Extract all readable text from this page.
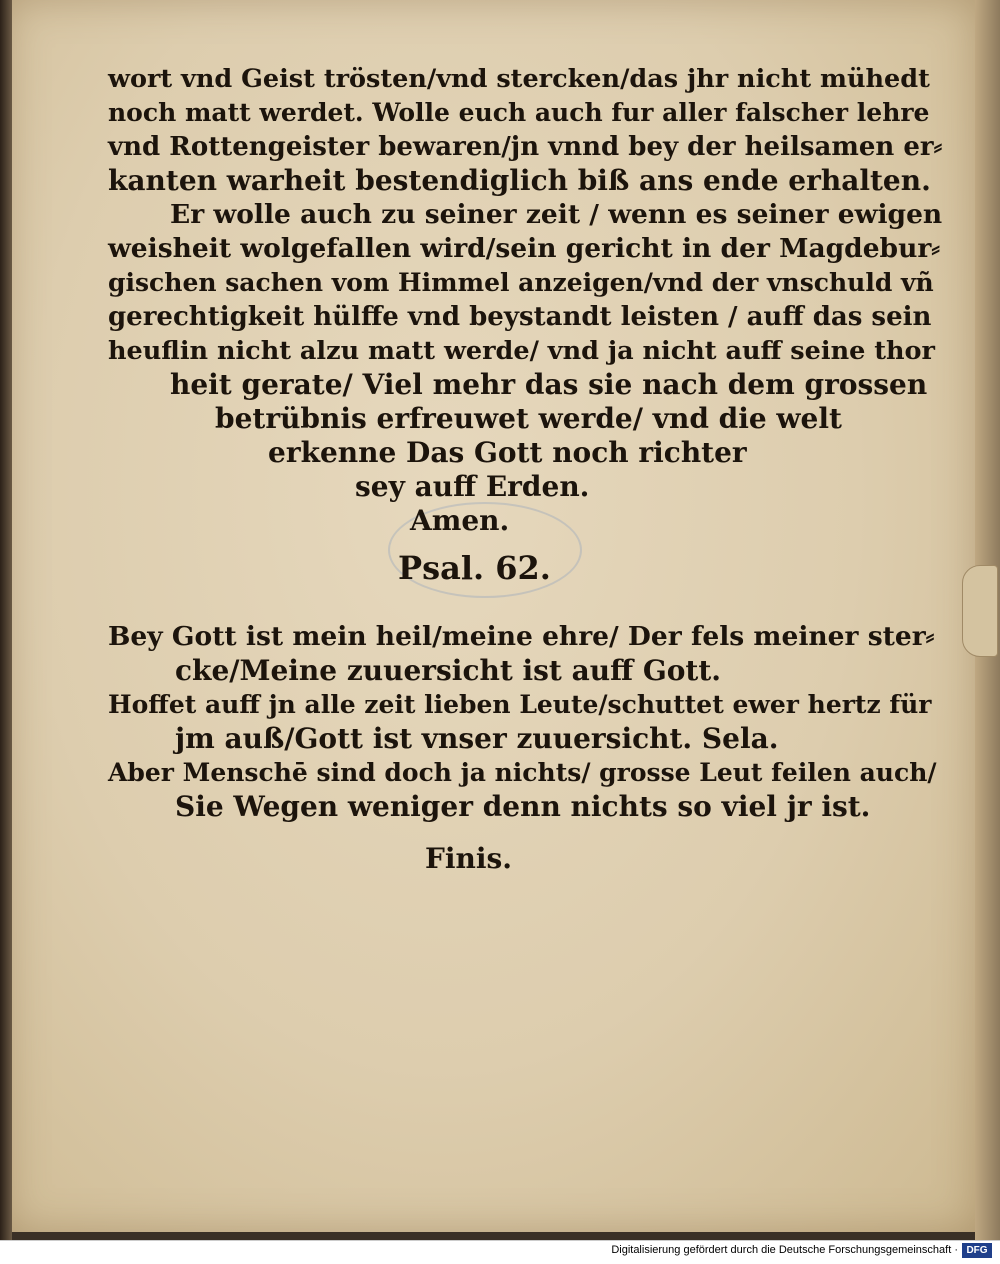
wort vnd Geist trösten/vnd stercken/das jhr nicht mühedt
noch matt werdet. Wolle euch auch fur aller falscher lehre
vnd Rottengeister bewaren/jn vnnd bey der heilsamen er⸗
kanten warheit bestendiglich biß ans ende erhalten.
Er wolle auch zu seiner zeit / wenn es seiner ewigen
weisheit wolgefallen wird/sein gericht in der Magdebur⸗
gischen sachen vom Himmel anzeigen/vnd der vnschuld vñ
gerechtigkeit hülffe vnd beystandt leisten / auff das sein
heuflin nicht alzu matt werde/ vnd ja nicht auff seine thor
heit gerate/ Viel mehr das sie nach dem grossen
betrübnis erfreuwet werde/ vnd die welt
erkenne Das Gott noch richter
sey auff Erden.
Amen.
Psal. 62.
Bey Gott ist mein heil/meine ehre/ Der fels meiner ster⸗
cke/Meine zuuersicht ist auff Gott.
Hoffet auff jn alle zeit lieben Leute/schuttet ewer hertz für
jm auß/Gott ist vnser zuuersicht. Sela.
Aber Menschē sind doch ja nichts/ grosse Leut feilen auch/
Sie Wegen weniger denn nichts so viel jr ist.
Finis.
Digitalisierung gefördert durch die Deutsche Forschungsgemeinschaft · DFG
